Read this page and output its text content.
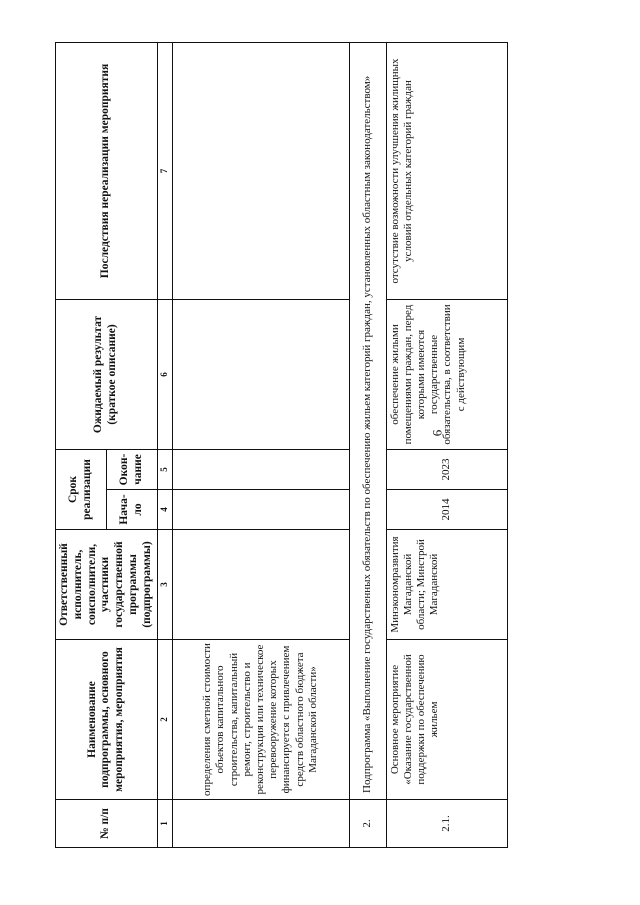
6
№ п/п	Наименование подпрограммы, основного мероприятия, мероприятия	Ответственный исполнитель, соисполнители, участники государственной программы (подпрограммы)	Срок реализации		Ожидаемый результат (краткое описание)	Последствия нереализации мероприятия
			Нача-ло	Окон-чание		
1	2	3	4	5	6	7
	определения сметной стоимости объектов капитального строительства, капитальный ремонт, строительство и реконструкция или техническое перевооружение которых финансируется с привлечением средств областного бюджета Магаданской области»					
2.	Подпрограмма «Выполнение государственных обязательств по обеспечению жильем категорий граждан, установленных областным законодательством»					
2.1.	Основное мероприятие «Оказание государственной поддержки по обеспечению жильем	Минэкономразвития Магаданской области; Минстрой Магаданской	2014	2023	обеспечение жилыми помещениями граждан, перед которыми имеются государственные обязательства, в соответствии с действующим	отсутствие возможности улучшения жилищных условий отдельных категорий граждан
